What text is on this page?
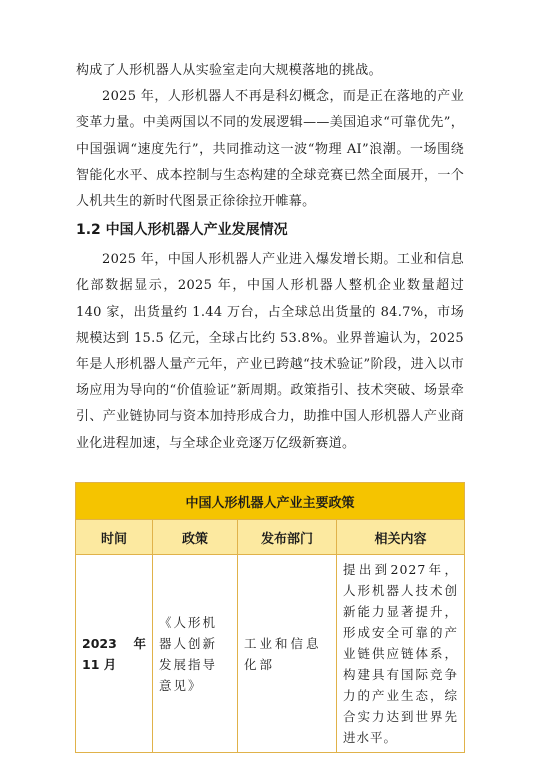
构成了人形机器人从实验室走向大规模落地的挑战。

2025 年，人形机器人不再是科幻概念，而是正在落地的产业变革力量。中美两国以不同的发展逻辑——美国追求“可靠优先”，中国强调“速度先行”，共同推动这一波“物理 AI”浪潮。一场围绕智能化水平、成本控制与生态构建的全球竞赛已然全面展开，一个人机共生的新时代图景正徐徐拉开帷幕。

1.2 中国人形机器人产业发展情况

2025 年，中国人形机器人产业进入爆发增长期。工业和信息化部数据显示，2025 年，中国人形机器人整机企业数量超过 140 家，出货量约 1.44 万台，占全球总出货量的 84.7%，市场规模达到 15.5 亿元，全球占比约 53.8%。业界普遍认为，2025 年是人形机器人量产元年，产业已跨越“技术验证”阶段，进入以市场应用为导向的“价值验证”新周期。政策指引、技术突破、场景牵引、产业链协同与资本加持形成合力，助推中国人形机器人产业商业化进程加速，与全球企业竞逐万亿级新赛道。

中国人形机器人产业主要政策			
时间	政策	发布部门	相关内容
2023 年 11 月	《人形机器人创新发展指导意见》	工业和信息化部	提出到2027年，人形机器人技术创新能力显著提升，形成安全可靠的产业链供应链体系，构建具有国际竞争力的产业生态，综合实力达到世界先进水平。
